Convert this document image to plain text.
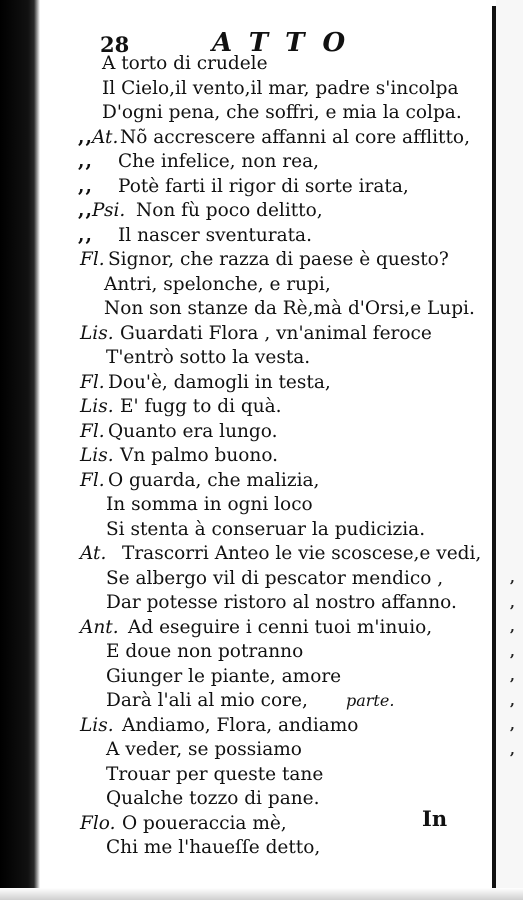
,
,
,
,
,
,
,
,
28	ATTO
A torto di crudele
Il Cielo,il vento,il mar, padre s'incolpa
D'ogni pena, che soffri, e mia la colpa.
,, At. Nõ accrescere affanni al core afflitto,
,, Che infelice, non rea,
,, Potè farti il rigor di sorte irata,
,, Psi. Non fù poco delitto,
,, Il nascer sventurata.
Fl. Signor, che razza di paese è questo?
Antri, spelonche, e rupi,
Non son stanze da Rè,mà d'Orsi,e Lupi.
Lis. Guardati Flora , vn'animal feroce
T'entrò sotto la vesta.
Fl. Dou'è, damogli in testa,
Lis. E' fugg to di quà.
Fl. Quanto era lungo.
Lis. Vn palmo buono.
Fl. O guarda, che malizia,
In somma in ogni loco
Si stenta à conseruar la pudicizia.
At. Trascorri Anteo le vie scoscese,e vedi,
Se albergo vil di pescator mendico ,
Dar potesse ristoro al nostro affanno.
Ant. Ad eseguire i cenni tuoi m'inuio,
E doue non potranno
Giunger le piante, amore
Darà l'ali al mio core, parte.
Lis. Andiamo, Flora, andiamo
A veder, se possiamo
Trouar per queste tane
Qualche tozzo di pane.
Flo. O poueraccia mè,
Chi me l'haueſſe detto,
In
